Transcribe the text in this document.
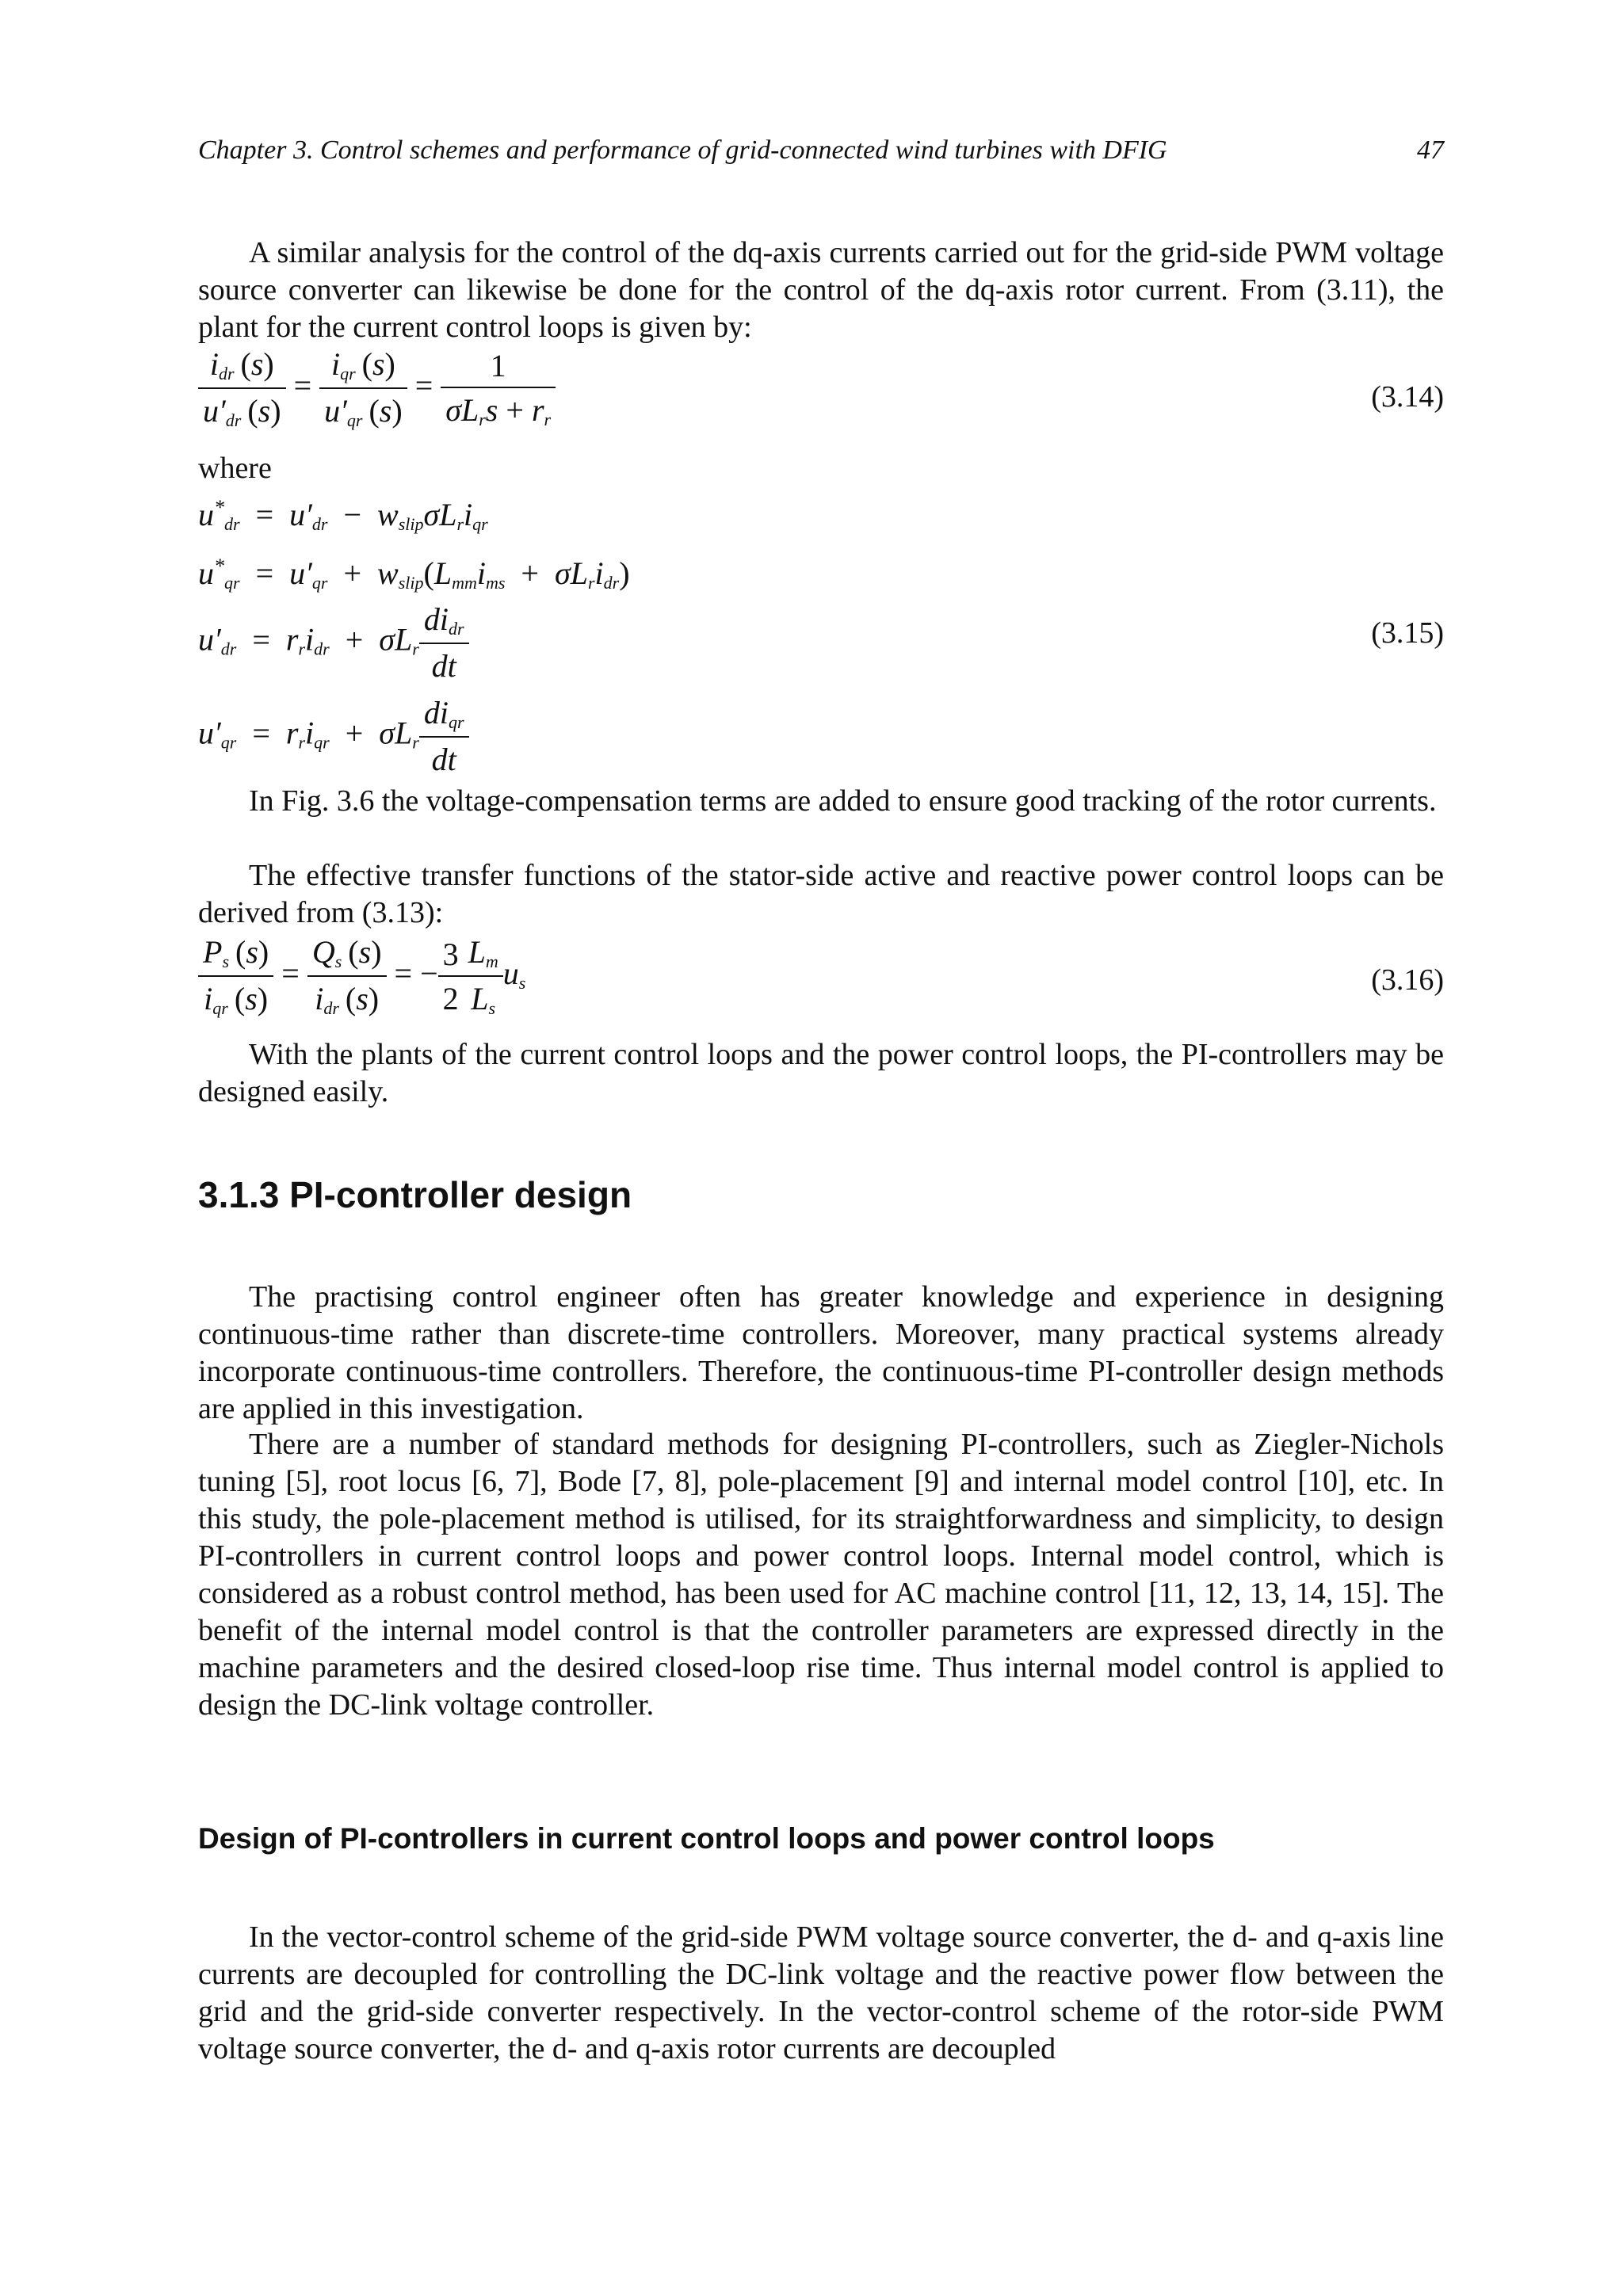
Chapter 3. Control schemes and performance of grid-connected wind turbines with DFIG	47

A similar analysis for the control of the dq-axis currents carried out for the grid-side PWM voltage source converter can likewise be done for the control of the dq-axis rotor current. From (3.11), the plant for the current control loops is given by:

$\frac{i_{dr} (s)}{u'_{dr} (s)} = \frac{i_{qr} (s)}{u'_{qr} (s)} = \frac{1}{\sigma L_rs + r_r}$	(3.14)

where

$u^*_{dr} = u'_{dr} - w_{slip}\sigma L_ri_{qr}$
$u^*_{qr} = u'_{qr} + w_{slip}(L_{mm}i_{ms} + \sigma L_ri_{dr})$
$u'_{dr} = r_ri_{dr} + \sigma L_r \frac{di_{dr}}{dt}$	(3.15)
$u'_{qr} = r_ri_{qr} + \sigma L_r \frac{di_{qr}}{dt}$

In Fig. 3.6 the voltage-compensation terms are added to ensure good tracking of the rotor currents.

The effective transfer functions of the stator-side active and reactive power control loops can be derived from (3.13):

$\frac{P_s (s)}{i_{qr} (s)} = \frac{Q_s (s)}{i_{dr} (s)}$ = − $\frac{3}{2} \frac{L_m}{L_s} u_s$	(3.16)

With the plants of the current control loops and the power control loops, the PI-controllers may be designed easily.

3.1.3 PI-controller design

The practising control engineer often has greater knowledge and experience in designing continuous-time rather than discrete-time controllers. Moreover, many practical systems already incorporate continuous-time controllers. Therefore, the continuous-time PI-controller design methods are applied in this investigation.

There are a number of standard methods for designing PI-controllers, such as Ziegler-Nichols tuning [5], root locus [6, 7], Bode [7, 8], pole-placement [9] and internal model control [10], etc. In this study, the pole-placement method is utilised, for its straightforwardness and simplicity, to design PI-controllers in current control loops and power control loops. Internal model control, which is considered as a robust control method, has been used for AC machine control [11, 12, 13, 14, 15]. The benefit of the internal model control is that the controller parameters are expressed directly in the machine parameters and the desired closed-loop rise time. Thus internal model control is applied to design the DC-link voltage controller.

Design of PI-controllers in current control loops and power control loops

In the vector-control scheme of the grid-side PWM voltage source converter, the d- and q-axis line currents are decoupled for controlling the DC-link voltage and the reactive power flow between the grid and the grid-side converter respectively. In the vector-control scheme of the rotor-side PWM voltage source converter, the d- and q-axis rotor currents are decoupled
